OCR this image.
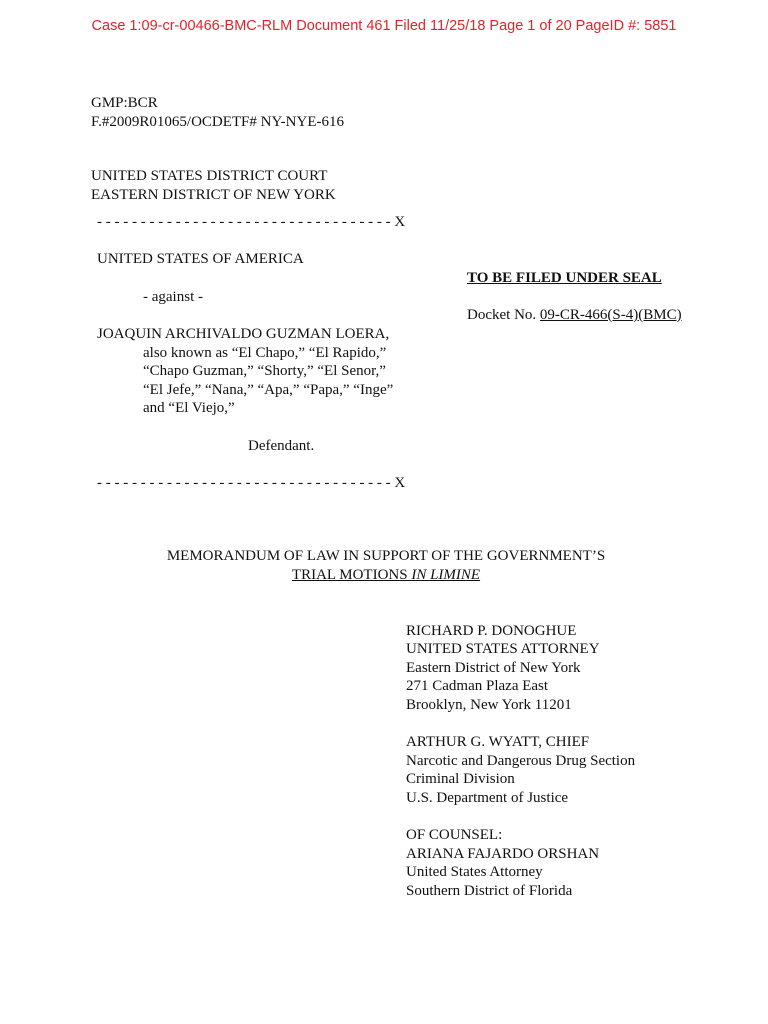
Case 1:09-cr-00466-BMC-RLM Document 461 Filed 11/25/18 Page 1 of 20 PageID #: 5851
GMP:BCR
F.#2009R01065/OCDETF# NY-NYE-616
UNITED STATES DISTRICT COURT
EASTERN DISTRICT OF NEW YORK
- - - - - - - - - - - - - - - - - - - - - - - - - - - - - - - - - - X
UNITED STATES OF AMERICA
- against -
JOAQUIN ARCHIVALDO GUZMAN LOERA,
also known as “El Chapo,” “El Rapido,”
“Chapo Guzman,” “Shorty,” “El Senor,”
“El Jefe,” “Nana,” “Apa,” “Papa,” “Inge”
and “El Viejo,”
Defendant.
- - - - - - - - - - - - - - - - - - - - - - - - - - - - - - - - - - X
TO BE FILED UNDER SEAL
Docket No. 09-CR-466(S-4)(BMC)
MEMORANDUM OF LAW IN SUPPORT OF THE GOVERNMENT’S
TRIAL MOTIONS IN LIMINE
RICHARD P. DONOGHUE
UNITED STATES ATTORNEY
Eastern District of New York
271 Cadman Plaza East
Brooklyn, New York 11201
ARTHUR G. WYATT, CHIEF
Narcotic and Dangerous Drug Section
Criminal Division
U.S. Department of Justice
OF COUNSEL:
ARIANA FAJARDO ORSHAN
United States Attorney
Southern District of Florida
